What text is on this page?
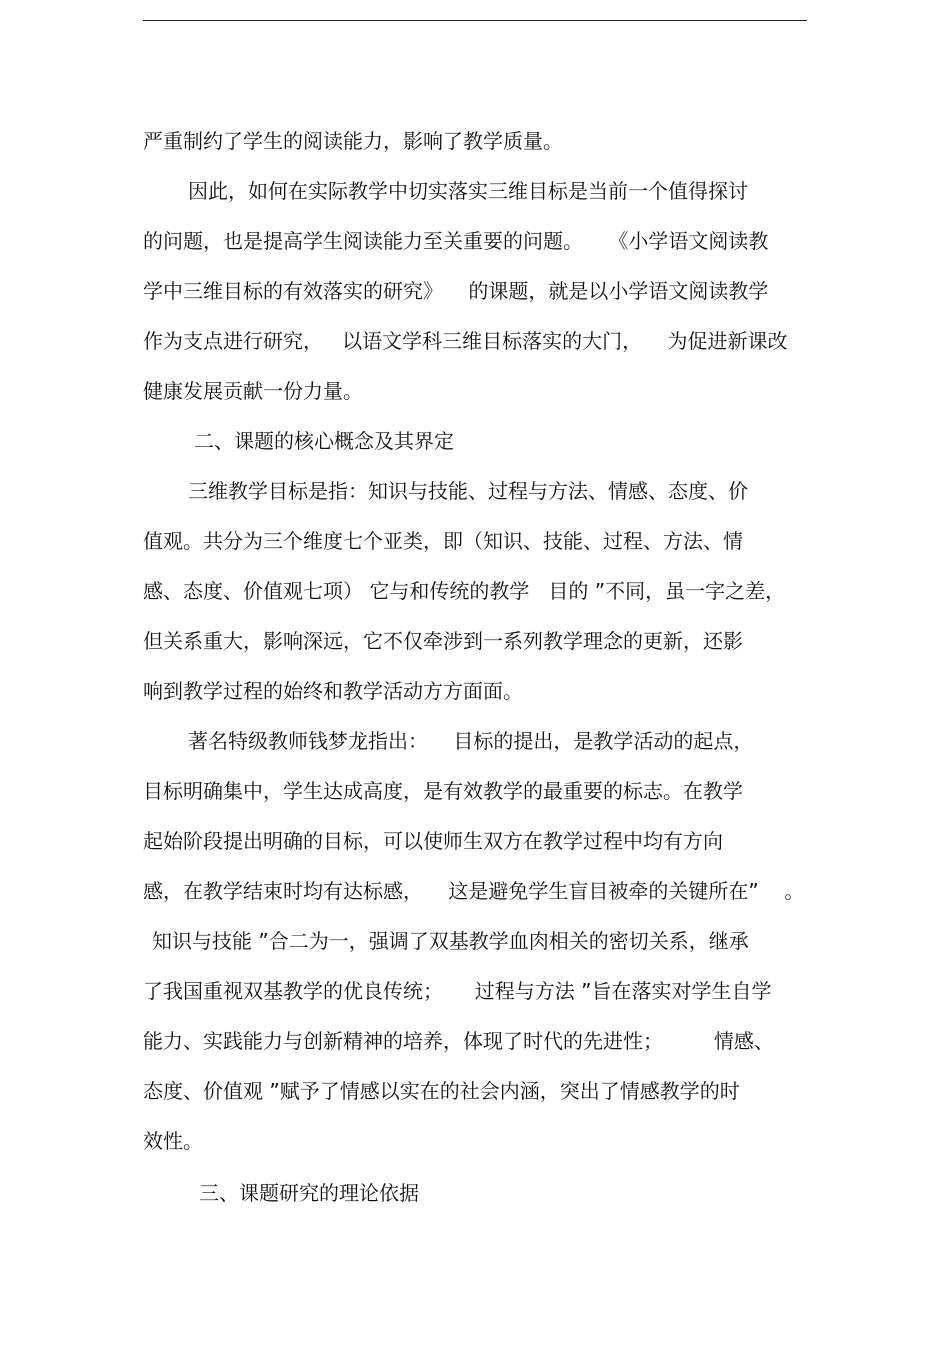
严重制约了学生的阅读能力，影响了教学质量。
因此，如何在实际教学中切实落实三维目标是当前一个值得探讨
的问题，也是提高学生阅读能力至关重要的问题。    《小学语文阅读教
学中三维目标的有效落实的研究》    的课题，就是以小学语文阅读教学
作为支点进行研究，   以语文学科三维目标落实的大门，    为促进新课改
健康发展贡献一份力量。
二、课题的核心概念及其界定
三维教学目标是指：知识与技能、过程与方法、情感、态度、价
值观。共分为三个维度七个亚类，即（知识、技能、过程、方法、情
感、态度、价值观七项） 它与和传统的教学   目的 ”不同，虽一字之差，
但关系重大，影响深远，它不仅牵涉到一系列教学理念的更新，还影
响到教学过程的始终和教学活动方方面面。
著名特级教师钱梦龙指出：    目标的提出，是教学活动的起点，
目标明确集中，学生达成高度，是有效教学的最重要的标志。在教学
起始阶段提出明确的目标，可以使师生双方在教学过程中均有方向
感，在教学结束时均有达标感，    这是避免学生盲目被牵的关键所在”    。
知识与技能 ”合二为一，强调了双基教学血肉相关的密切关系，继承
了我国重视双基教学的优良传统；     过程与方法 ”旨在落实对学生自学
能力、实践能力与创新精神的培养，体现了时代的先进性；        情感、
态度、价值观 ”赋予了情感以实在的社会内涵，突出了情感教学的时
效性。
三、课题研究的理论依据
